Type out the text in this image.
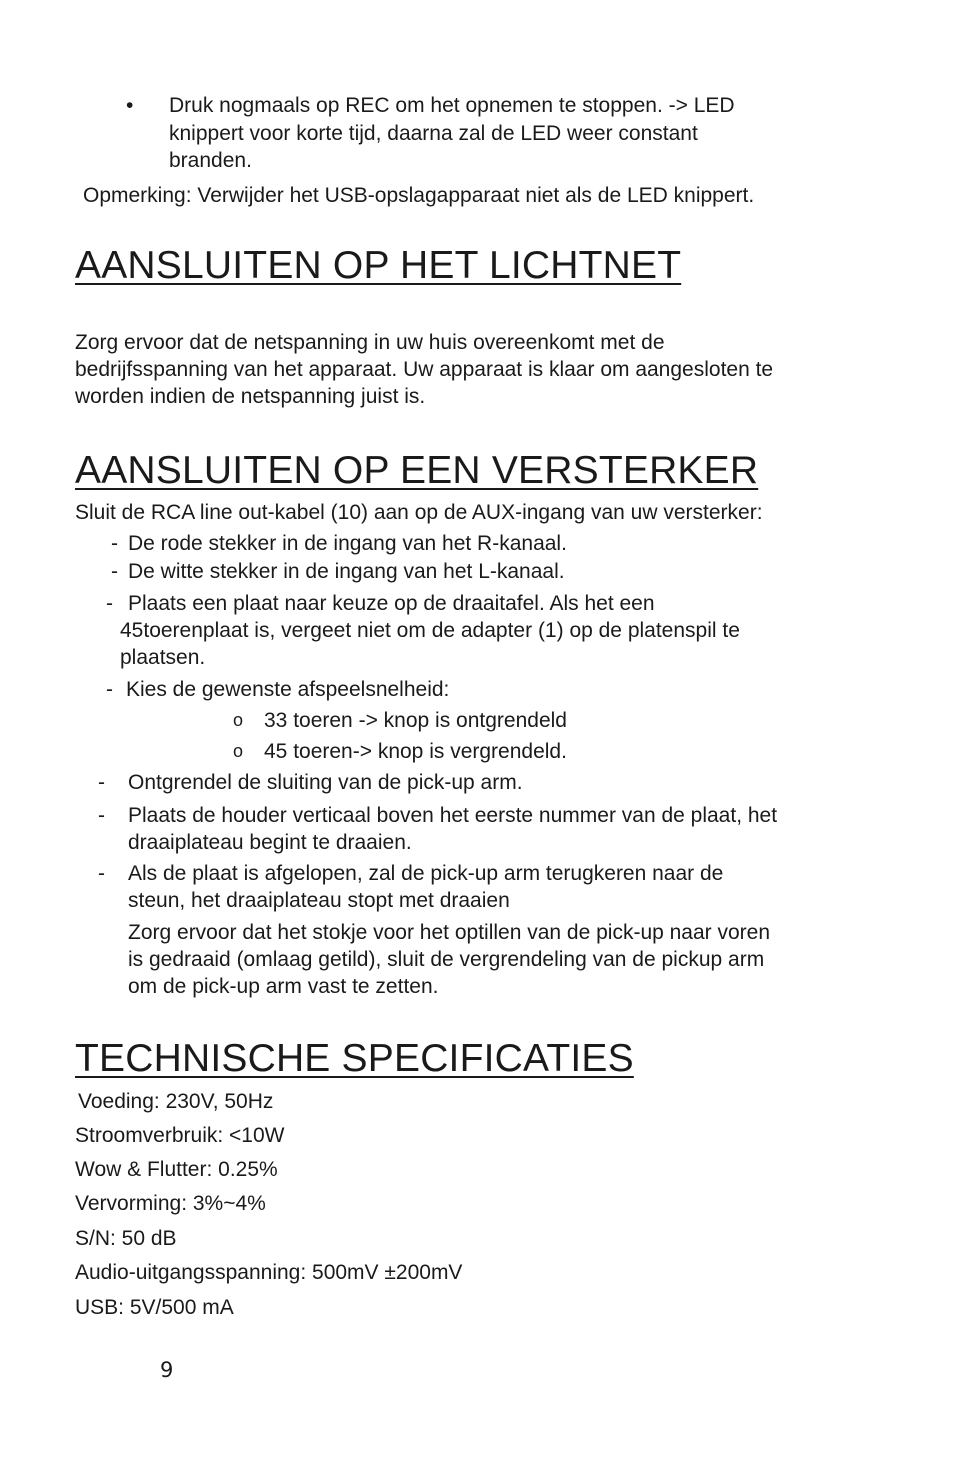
• Druk nogmaals op REC om het opnemen te stoppen. -> LED
knippert voor korte tijd, daarna zal de LED weer constant
branden.
Opmerking: Verwijder het USB-opslagapparaat niet als de LED knippert.
AANSLUITEN OP HET LICHTNET
Zorg ervoor dat de netspanning in uw huis overeenkomt met de
bedrijfsspanning van het apparaat. Uw apparaat is klaar om aangesloten te
worden indien de netspanning juist is.
AANSLUITEN OP EEN VERSTERKER
Sluit de RCA line out-kabel (10) aan op de AUX-ingang van uw versterker:
- De rode stekker in de ingang van het R-kanaal.
- De witte stekker in de ingang van het L-kanaal.
- Plaats een plaat naar keuze op de draaitafel. Als het een
45toerenplaat is, vergeet niet om de adapter (1) op de platenspil te
plaatsen.
- Kies de gewenste afspeelsnelheid:
o 33 toeren -> knop is ontgrendeld
o 45 toeren-> knop is vergrendeld.
- Ontgrendel de sluiting van de pick-up arm.
- Plaats de houder verticaal boven het eerste nummer van de plaat, het
draaiplateau begint te draaien.
- Als de plaat is afgelopen, zal de pick-up arm terugkeren naar de
steun, het draaiplateau stopt met draaien
Zorg ervoor dat het stokje voor het optillen van de pick-up naar voren
is gedraaid (omlaag getild), sluit de vergrendeling van de pickup arm
om de pick-up arm vast te zetten.
TECHNISCHE SPECIFICATIES
Voeding: 230V, 50Hz
Stroomverbruik: <10W
Wow & Flutter: 0.25%
Vervorming: 3%~4%
S/N: 50 dB
Audio-uitgangsspanning: 500mV ±200mV
USB: 5V/500 mA
9
